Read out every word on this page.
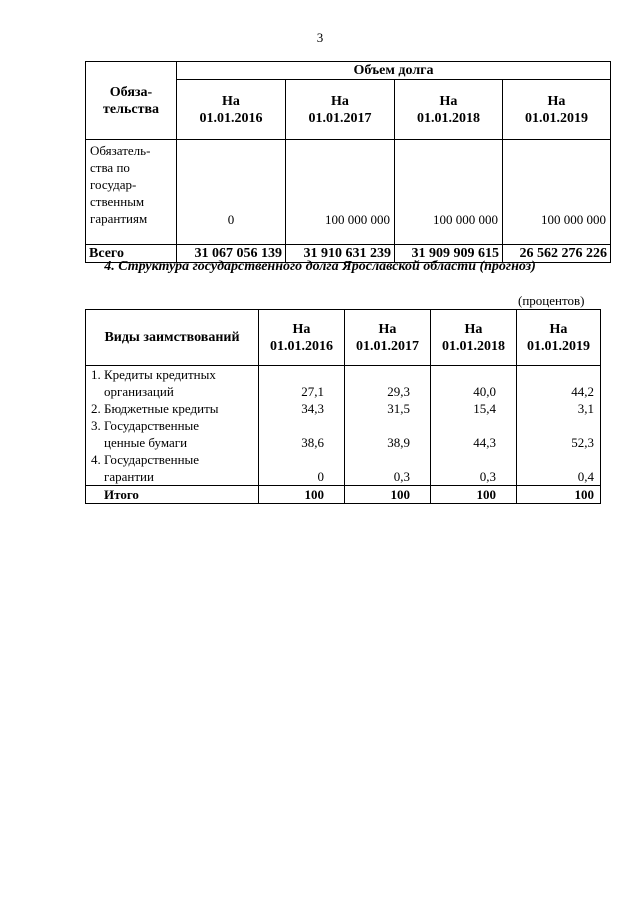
3
Обяза-
тельства	Объем долга			
	На
01.01.2016	На
01.01.2017	На
01.01.2018	На
01.01.2019
Обязатель-
ства по
государ-
ственным
гарантиям	0	100 000 000	100 000 000	100 000 000
Всего	31 067 056 139	31 910 631 239	31 909 909 615	26 562 276 226
4. Структура государственного долга Ярославской области (прогноз)
(процентов)
Виды заимствований	На
01.01.2016	На
01.01.2017	На
01.01.2018	На
01.01.2019
1. Кредиты кредитных				
организаций	27,1	29,3	40,0	44,2
2. Бюджетные кредиты	34,3	31,5	15,4	3,1
3. Государственные				
ценные бумаги	38,6	38,9	44,3	52,3
4. Государственные				
гарантии	0	0,3	0,3	0,4
Итого	100	100	100	100
